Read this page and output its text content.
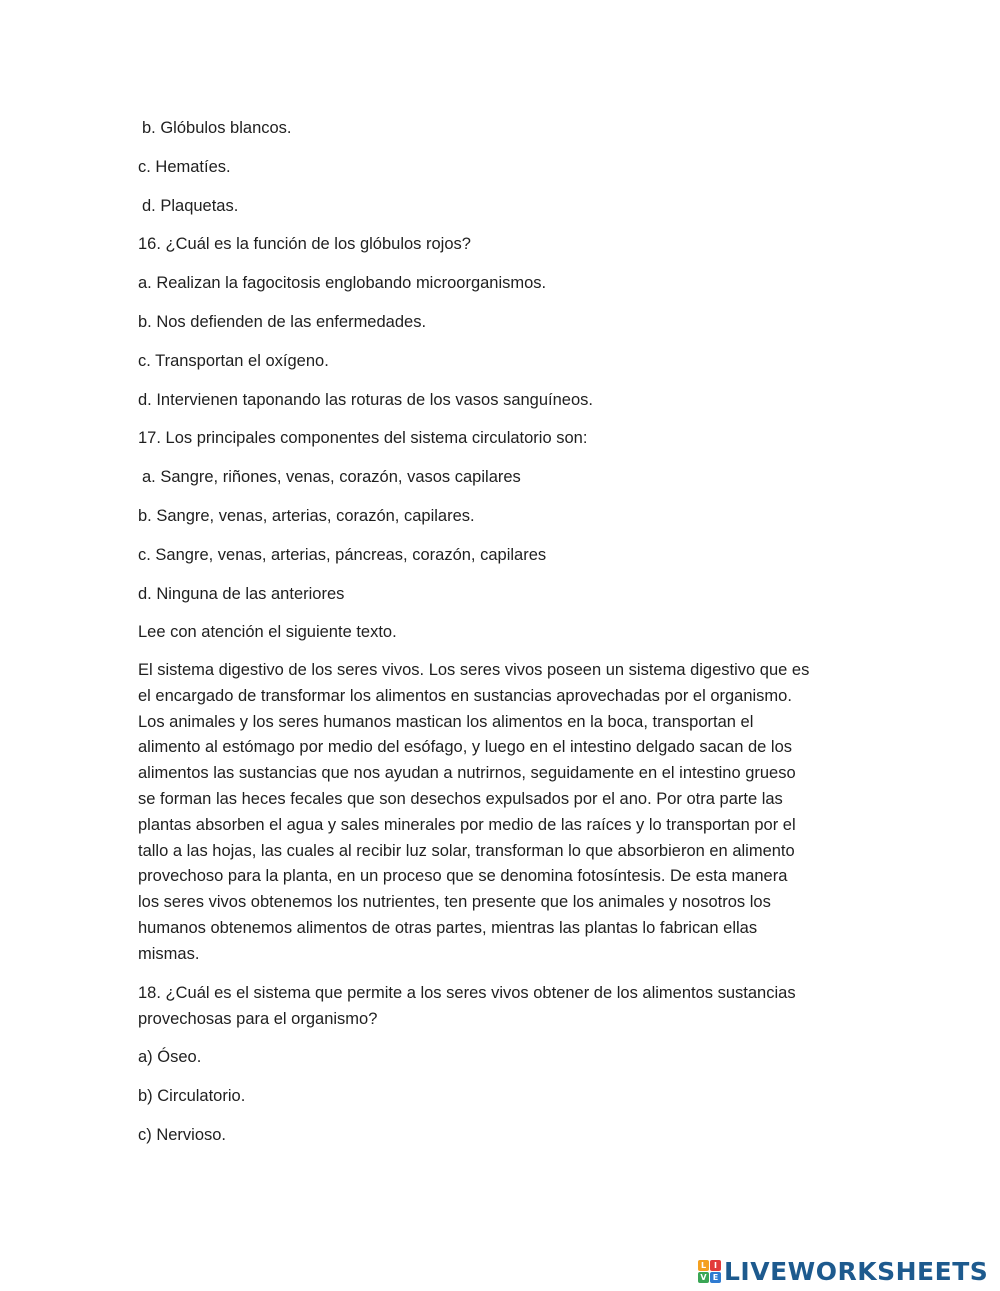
b. Glóbulos blancos.
c. Hematíes.
d. Plaquetas.
16. ¿Cuál es la función de los glóbulos rojos?
a. Realizan la fagocitosis englobando microorganismos.
b. Nos defienden de las enfermedades.
c. Transportan el oxígeno.
d. Intervienen taponando las roturas de los vasos sanguíneos.
17. Los principales componentes del sistema circulatorio son:
a. Sangre, riñones, venas, corazón, vasos capilares
b. Sangre, venas, arterias, corazón, capilares.
c. Sangre, venas, arterias, páncreas, corazón, capilares
d. Ninguna de las anteriores
Lee con atención el siguiente texto.

El sistema digestivo de los seres vivos. Los seres vivos poseen un sistema digestivo que es

el encargado de transformar los alimentos en sustancias aprovechadas por el organismo.

Los animales y los seres humanos mastican los alimentos en la boca, transportan el

alimento al estómago por medio del esófago, y luego en el intestino delgado sacan de los

alimentos las sustancias que nos ayudan a nutrirnos, seguidamente en el intestino grueso

se forman las heces fecales que son desechos expulsados por el ano. Por otra parte las

plantas absorben el agua y sales minerales por medio de las raíces y lo transportan por el

tallo a las hojas, las cuales al recibir luz solar, transforman lo que absorbieron en alimento

provechoso para la planta, en un proceso que se denomina fotosíntesis. De esta manera

los seres vivos obtenemos los nutrientes, ten presente que los animales y nosotros los

humanos obtenemos alimentos de otras partes, mientras las plantas lo fabrican ellas

mismas.

18. ¿Cuál es el sistema que permite a los seres vivos obtener de los alimentos sustancias

provechosas para el organismo?

a) Óseo.
b) Circulatorio.
c) Nervioso.
L I
V E LIVEWORKSHEETS
